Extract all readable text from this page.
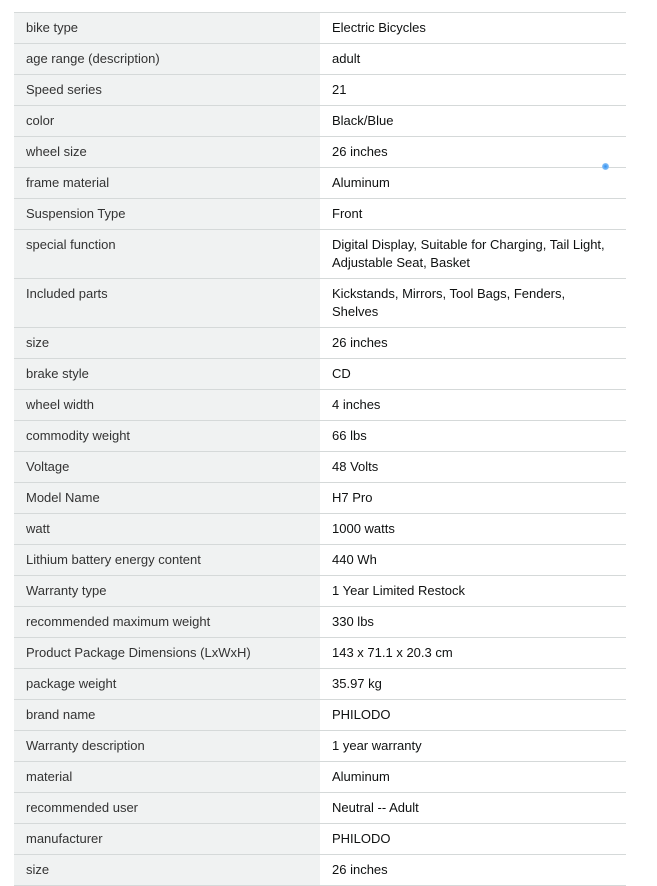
bike type	Electric Bicycles
age range (description)	adult
Speed series	21
color	Black/Blue
wheel size	26 inches
frame material	Aluminum
Suspension Type	Front
special function	Digital Display, Suitable for Charging, Tail Light, Adjustable Seat, Basket
Included parts	Kickstands, Mirrors, Tool Bags, Fenders, Shelves
size	26 inches
brake style	CD
wheel width	4 inches
commodity weight	66 lbs
Voltage	48 Volts
Model Name	H7 Pro
watt	1000 watts
Lithium battery energy content	440 Wh
Warranty type	1 Year Limited Restock
recommended maximum weight	330 lbs
Product Package Dimensions (LxWxH)	143 x 71.1 x 20.3 cm
package weight	35.97 kg
brand name	PHILODO
Warranty description	1 year warranty
material	Aluminum
recommended user	Neutral -- Adult
manufacturer	PHILODO
size	26 inches
